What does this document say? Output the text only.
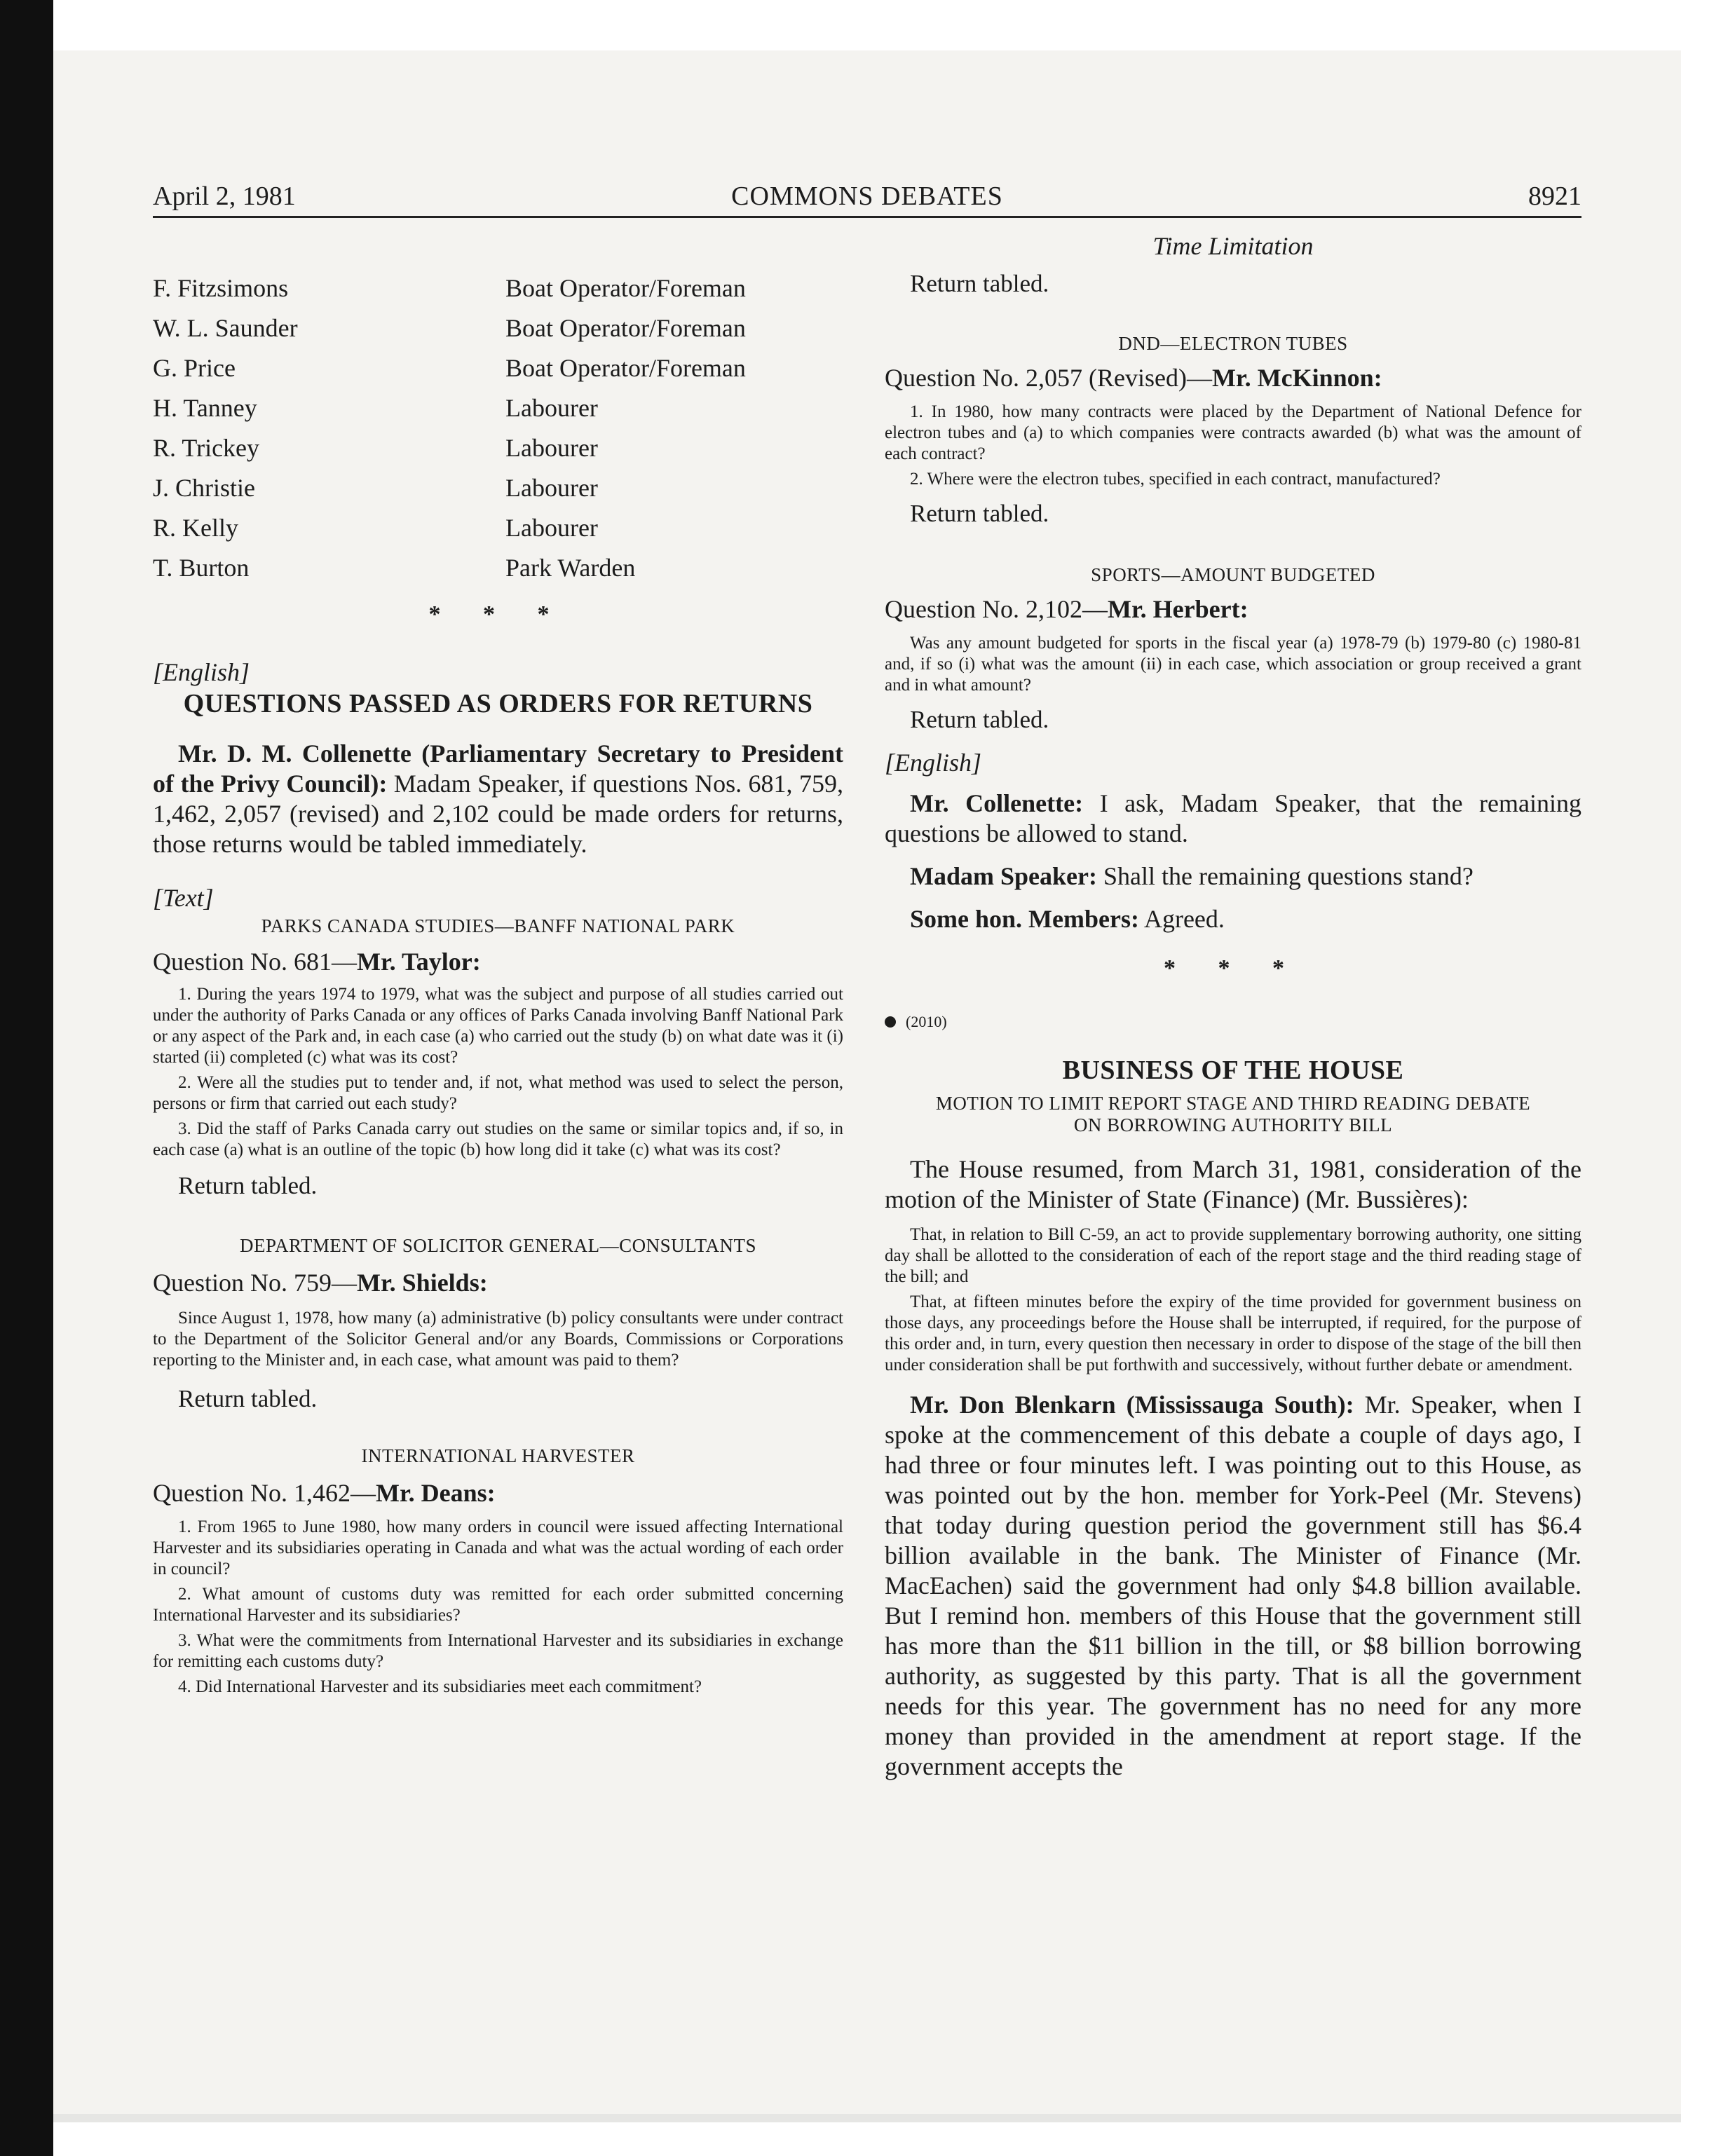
April 2, 1981	COMMONS DEBATES	8921
Time Limitation
F. Fitzsimons	Boat Operator/Foreman
W. L. Saunder	Boat Operator/Foreman
G. Price	Boat Operator/Foreman
H. Tanney	Labourer
R. Trickey	Labourer
J. Christie	Labourer
R. Kelly	Labourer
T. Burton	Park Warden
* * *
[English]
QUESTIONS PASSED AS ORDERS FOR RETURNS

Mr. D. M. Collenette (Parliamentary Secretary to President of the Privy Council): Madam Speaker, if questions Nos. 681, 759, 1,462, 2,057 (revised) and 2,102 could be made orders for returns, those returns would be tabled immediately.

[Text]
PARKS CANADA STUDIES—BANFF NATIONAL PARK
Question No. 681—Mr. Taylor:

1. During the years 1974 to 1979, what was the subject and purpose of all studies carried out under the authority of Parks Canada or any offices of Parks Canada involving Banff National Park or any aspect of the Park and, in each case (a) who carried out the study (b) on what date was it (i) started (ii) completed (c) what was its cost?

2. Were all the studies put to tender and, if not, what method was used to select the person, persons or firm that carried out each study?

3. Did the staff of Parks Canada carry out studies on the same or similar topics and, if so, in each case (a) what is an outline of the topic (b) how long did it take (c) what was its cost?

Return tabled.
DEPARTMENT OF SOLICITOR GENERAL—CONSULTANTS
Question No. 759—Mr. Shields:

Since August 1, 1978, how many (a) administrative (b) policy consultants were under contract to the Department of the Solicitor General and/or any Boards, Commissions or Corporations reporting to the Minister and, in each case, what amount was paid to them?

Return tabled.
INTERNATIONAL HARVESTER
Question No. 1,462—Mr. Deans:

1. From 1965 to June 1980, how many orders in council were issued affecting International Harvester and its subsidiaries operating in Canada and what was the actual wording of each order in council?

2. What amount of customs duty was remitted for each order submitted concerning International Harvester and its subsidiaries?

3. What were the commitments from International Harvester and its subsidiaries in exchange for remitting each customs duty?

4. Did International Harvester and its subsidiaries meet each commitment?

Return tabled.
DND—ELECTRON TUBES
Question No. 2,057 (Revised)—Mr. McKinnon:

1. In 1980, how many contracts were placed by the Department of National Defence for electron tubes and (a) to which companies were contracts awarded (b) what was the amount of each contract?

2. Where were the electron tubes, specified in each contract, manufactured?

Return tabled.
SPORTS—AMOUNT BUDGETED
Question No. 2,102—Mr. Herbert:

Was any amount budgeted for sports in the fiscal year (a) 1978-79 (b) 1979-80 (c) 1980-81 and, if so (i) what was the amount (ii) in each case, which association or group received a grant and in what amount?

Return tabled.
[English]

Mr. Collenette: I ask, Madam Speaker, that the remaining questions be allowed to stand.

Madam Speaker: Shall the remaining questions stand?

Some hon. Members: Agreed.

* * *
(2010)
BUSINESS OF THE HOUSE
MOTION TO LIMIT REPORT STAGE AND THIRD READING DEBATE
ON BORROWING AUTHORITY BILL

The House resumed, from March 31, 1981, consideration of the motion of the Minister of State (Finance) (Mr. Bussières):

That, in relation to Bill C-59, an act to provide supplementary borrowing authority, one sitting day shall be allotted to the consideration of each of the report stage and the third reading stage of the bill; and

That, at fifteen minutes before the expiry of the time provided for government business on those days, any proceedings before the House shall be interrupted, if required, for the purpose of this order and, in turn, every question then necessary in order to dispose of the stage of the bill then under consideration shall be put forthwith and successively, without further debate or amendment.

Mr. Don Blenkarn (Mississauga South): Mr. Speaker, when I spoke at the commencement of this debate a couple of days ago, I had three or four minutes left. I was pointing out to this House, as was pointed out by the hon. member for York-Peel (Mr. Stevens) that today during question period the government still has $6.4 billion available in the bank. The Minister of Finance (Mr. MacEachen) said the government had only $4.8 billion available. But I remind hon. members of this House that the government still has more than the $11 billion in the till, or $8 billion borrowing authority, as suggested by this party. That is all the government needs for this year. The government has no need for any more money than provided in the amendment at report stage. If the government accepts the
